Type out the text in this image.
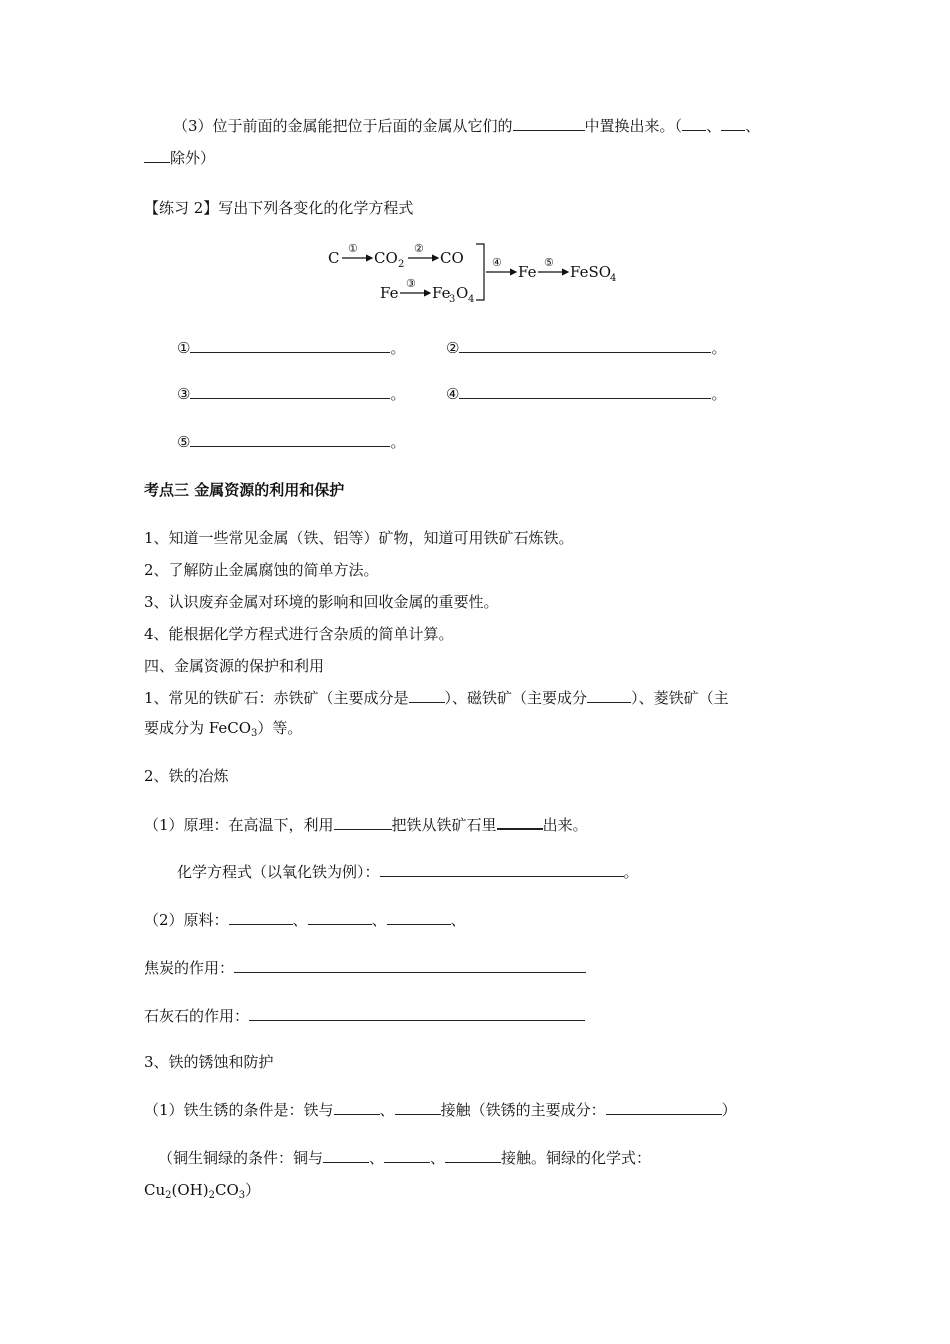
（3）位于前面的金属能把位于后面的金属从它们的	中置换出来。（ 、 、
除外）
【练习 2】写出下列各变化的化学方程式
C
①
CO 2
②
CO
Fe
③
Fe
3 O 4
④
Fe
⑤
FeSO
4
①	。	②	。
③	。	④	。
⑤	。
考点三 金属资源的利用和保护
1、知道一些常见金属（铁、铝等）矿物，知道可用铁矿石炼铁。
2、了解防止金属腐蚀的简单方法。
3、认识废弃金属对环境的影响和回收金属的重要性。
4、能根据化学方程式进行含杂质的简单计算。
四、金属资源的保护和利用
1、常见的铁矿石：赤铁矿（主要成分是 ）、磁铁矿（主要成分	）、菱铁矿（主
要成分为 FeCO$_3$）等。
2、铁的冶炼
（1）原理：在高温下，利用	把铁从铁矿石里	出来。
化学方程式（以氧化铁为例）：	。
（2）原料：	、	、	、
焦炭的作用：
石灰石的作用：
3、铁的锈蚀和防护
（1）铁生锈的条件是：铁与	、	接触（铁锈的主要成分：	）
（铜生铜绿的条件：铜与	、	、	接触。铜绿的化学式：
$Cu_2(OH)_2CO_3$）
